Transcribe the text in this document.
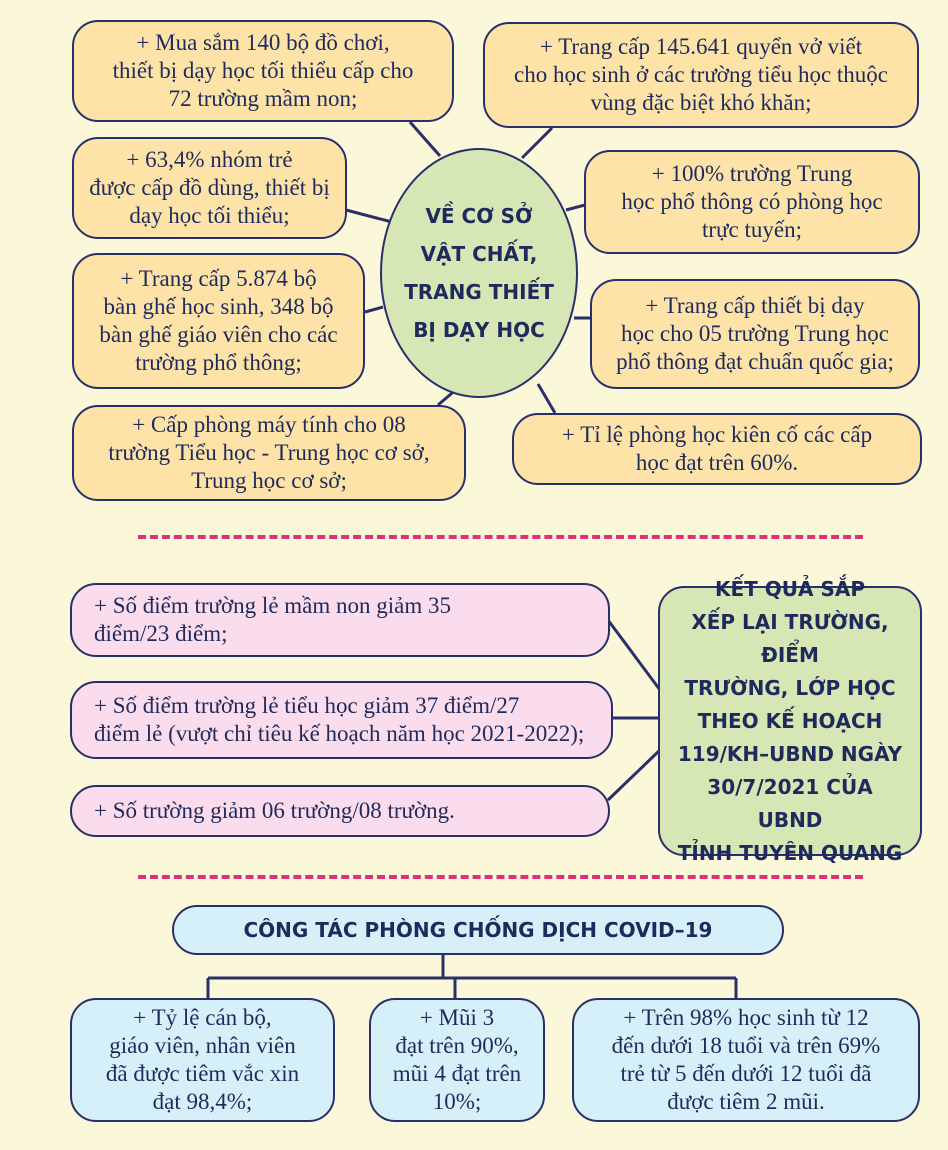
VỀ CƠ SỞ
VẬT CHẤT,
TRANG THIẾT
BỊ DẠY HỌC
+ Mua sắm 140 bộ đồ chơi,
thiết bị dạy học tối thiểu cấp cho
72 trường mầm non;
+ Trang cấp 145.641 quyển vở viết
cho học sinh ở các trường tiểu học thuộc
vùng đặc biệt khó khăn;
+ 63,4% nhóm trẻ
được cấp đồ dùng, thiết bị
dạy học tối thiểu;
+ 100% trường Trung
học phổ thông có phòng học
trực tuyến;
+ Trang cấp 5.874 bộ
bàn ghế học sinh, 348 bộ
bàn ghế giáo viên cho các
trường phổ thông;
+ Trang cấp thiết bị dạy
học cho 05 trường Trung học
phổ thông đạt chuẩn quốc gia;
+ Cấp phòng máy tính cho 08
trường Tiểu học - Trung học cơ sở,
Trung học cơ sở;
+ Tỉ lệ phòng học kiên cố các cấp
học đạt trên 60%.
+ Số điểm trường lẻ mầm non giảm 35
điểm/23 điểm;
+ Số điểm trường lẻ tiểu học giảm 37 điểm/27
điểm lẻ (vượt chỉ tiêu kế hoạch năm học 2021-2022);
+ Số trường giảm 06 trường/08 trường.
KẾT QUẢ SẮP
XẾP LẠI TRƯỜNG, ĐIỂM
TRƯỜNG, LỚP HỌC
THEO KẾ HOẠCH
119/KH–UBND NGÀY
30/7/2021 CỦA UBND
TỈNH TUYÊN QUANG
CÔNG TÁC PHÒNG CHỐNG DỊCH COVID–19
+ Tỷ lệ cán bộ,
giáo viên, nhân viên
đã được tiêm vắc xin
đạt 98,4%;
+ Mũi 3
đạt trên 90%,
mũi 4 đạt trên
10%;
+ Trên 98% học sinh từ 12
đến dưới 18 tuổi và trên 69%
trẻ từ 5 đến dưới 12 tuổi đã
được tiêm 2 mũi.
